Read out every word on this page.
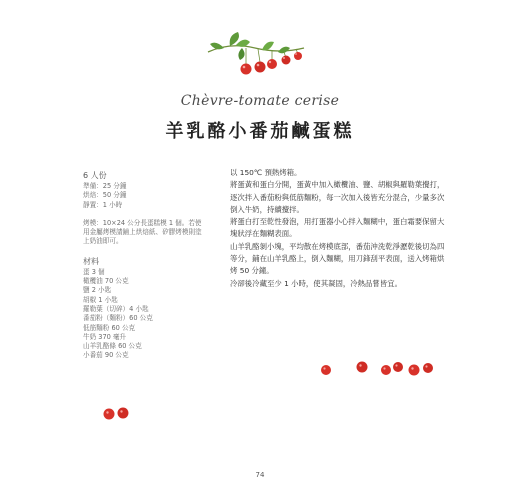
Chèvre-tomate cerise
羊乳酪小番茄鹹蛋糕

6 人份

準備：25 分鐘

烘焙：50 分鐘

靜置：1 小時

烤模：10×24 公分長蛋糕模 1 個。若使用金屬烤模請鋪上烘焙紙、矽膠烤模則塗上奶油即可。

材料

蛋 3 個

橄欖油 70 公克

鹽 2 小匙

胡椒 1 小匙

羅勒葉（切碎）4 小匙

番茄粉（麵粉）60 公克

低筋麵粉 60 公克

牛奶 370 毫升

山羊乳酪條 60 公克

小番茄 90 公克

以 150℃ 預熱烤箱。

將蛋黃和蛋白分開，蛋黃中加入橄欖油、鹽、胡椒與羅勒葉攪打，逐次拌入番茄粉與低筋麵粉，每一次加入後皆充分混合，少量多次倒入牛奶，持續攪拌。

將蛋白打至乾性發泡，用打蛋器小心拌入麵糊中，蛋白霜要保留大塊狀浮在麵糊表面。

山羊乳酪剝小塊，平均散在烤模底部，番茄沖洗乾淨瀝乾後切為四等分，鋪在山羊乳酪上，倒入麵糊，用刀鋒刮平表面，送入烤箱烘烤 50 分鐘。

冷卻後冷藏至少 1 小時，使其凝固，冷熱品嘗皆宜。

74
